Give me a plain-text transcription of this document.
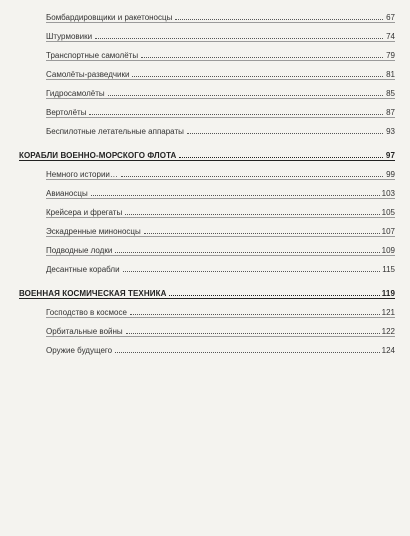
Бомбардировщики и ракетоносцы	67
Штурмовики	74
Транспортные самолёты	79
Самолёты-разведчики	81
Гидросамолёты	85
Вертолёты	87
Беспилотные летательные аппараты	93
КОРАБЛИ ВОЕННО-МОРСКОГО ФЛОТА	97
Немного истории…	99
Авианосцы	103
Крейсера и фрегаты	105
Эскадренные миноносцы	107
Подводные лодки	109
Десантные корабли	115
ВОЕННАЯ КОСМИЧЕСКАЯ ТЕХНИКА	119
Господство в космосе	121
Орбитальные войны	122
Оружие будущего	124
